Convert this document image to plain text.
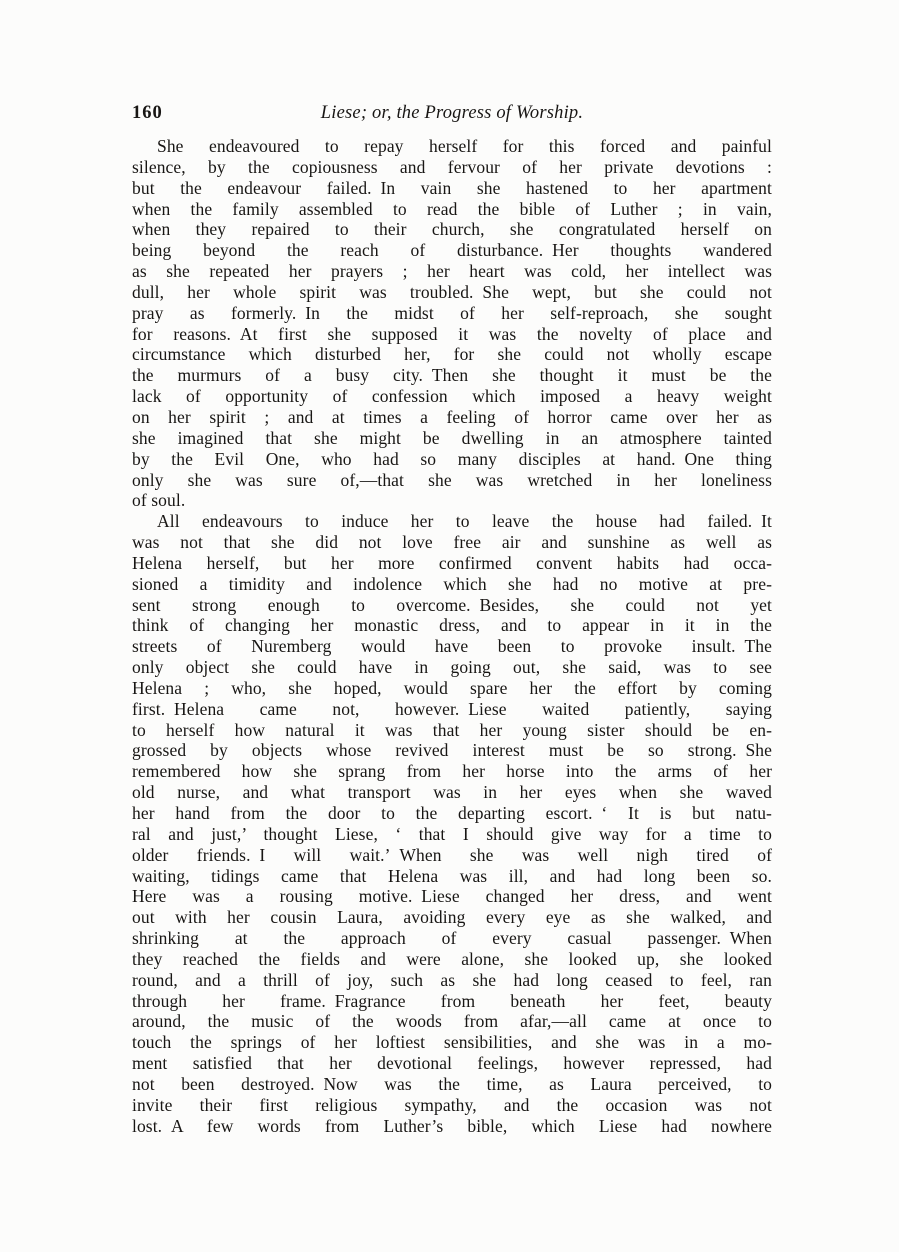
160	Liese; or, the Progress of Worship.
She endeavoured to repay herself for this forced and painful
silence, by the copiousness and fervour of her private devotions :
but the endeavour failed. In vain she hastened to her apartment
when the family assembled to read the bible of Luther ; in vain,
when they repaired to their church, she congratulated herself on
being beyond the reach of disturbance. Her thoughts wandered
as she repeated her prayers ; her heart was cold, her intellect was
dull, her whole spirit was troubled. She wept, but she could not
pray as formerly. In the midst of her self-reproach, she sought
for reasons. At first she supposed it was the novelty of place and
circumstance which disturbed her, for she could not wholly escape
the murmurs of a busy city. Then she thought it must be the
lack of opportunity of confession which imposed a heavy weight
on her spirit ; and at times a feeling of horror came over her as
she imagined that she might be dwelling in an atmosphere tainted
by the Evil One, who had so many disciples at hand. One thing
only she was sure of,—that she was wretched in her loneliness
of soul.
All endeavours to induce her to leave the house had failed. It
was not that she did not love free air and sunshine as well as
Helena herself, but her more confirmed convent habits had occa-
sioned a timidity and indolence which she had no motive at pre-
sent strong enough to overcome. Besides, she could not yet
think of changing her monastic dress, and to appear in it in the
streets of Nuremberg would have been to provoke insult. The
only object she could have in going out, she said, was to see
Helena ; who, she hoped, would spare her the effort by coming
first. Helena came not, however. Liese waited patiently, saying
to herself how natural it was that her young sister should be en-
grossed by objects whose revived interest must be so strong. She
remembered how she sprang from her horse into the arms of her
old nurse, and what transport was in her eyes when she waved
her hand from the door to the departing escort. ‘ It is but natu-
ral and just,’ thought Liese, ‘ that I should give way for a time to
older friends. I will wait.’ When she was well nigh tired of
waiting, tidings came that Helena was ill, and had long been so.
Here was a rousing motive. Liese changed her dress, and went
out with her cousin Laura, avoiding every eye as she walked, and
shrinking at the approach of every casual passenger. When
they reached the fields and were alone, she looked up, she looked
round, and a thrill of joy, such as she had long ceased to feel, ran
through her frame. Fragrance from beneath her feet, beauty
around, the music of the woods from afar,—all came at once to
touch the springs of her loftiest sensibilities, and she was in a mo-
ment satisfied that her devotional feelings, however repressed, had
not been destroyed. Now was the time, as Laura perceived, to
invite their first religious sympathy, and the occasion was not
lost. A few words from Luther’s bible, which Liese had nowhere
